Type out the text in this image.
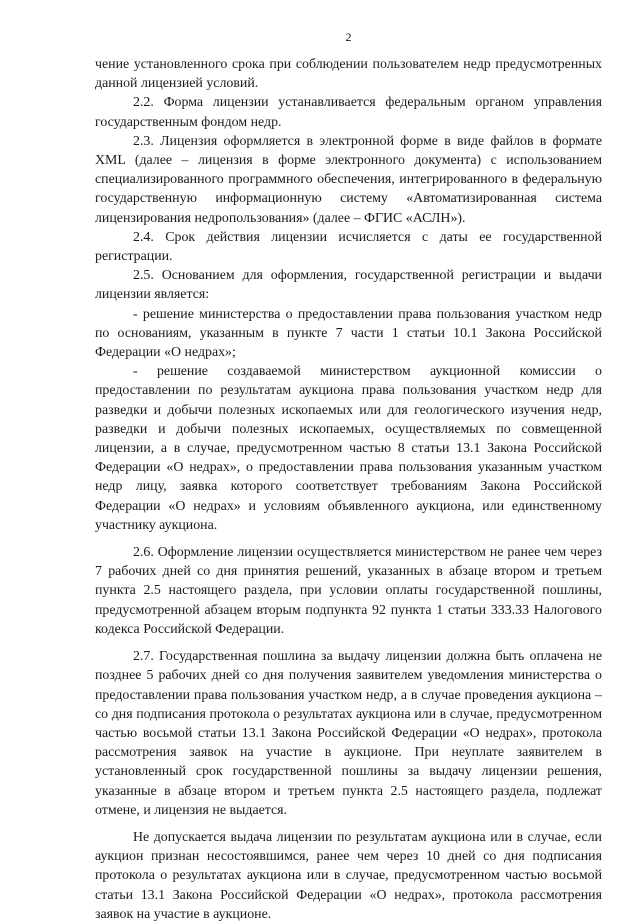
2

чение установленного срока при соблюдении пользователем недр предусмотренных данной лицензией условий.

2.2. Форма лицензии устанавливается федеральным органом управления государственным фондом недр.

2.3. Лицензия оформляется в электронной форме в виде файлов в формате XML (далее – лицензия в форме электронного документа) с использованием специализированного программного обеспечения, интегрированного в федеральную государственную информационную систему «Автоматизированная система лицензирования недропользования» (далее – ФГИС «АСЛН»).

2.4. Срок действия лицензии исчисляется с даты ее государственной регистрации.

2.5. Основанием для оформления, государственной регистрации и выдачи лицензии является:

- решение министерства о предоставлении права пользования участком недр по основаниям, указанным в пункте 7 части 1 статьи 10.1 Закона Российской Федерации «О недрах»;

- решение создаваемой министерством аукционной комиссии о предоставлении по результатам аукциона права пользования участком недр для разведки и добычи полезных ископаемых или для геологического изучения недр, разведки и добычи полезных ископаемых, осуществляемых по совмещенной лицензии, а в случае, предусмотренном частью 8 статьи 13.1 Закона Российской Федерации «О недрах», о предоставлении права пользования указанным участком недр лицу, заявка которого соответствует требованиям Закона Российской Федерации «О недрах» и условиям объявленного аукциона, или единственному участнику аукциона.

2.6. Оформление лицензии осуществляется министерством не ранее чем через 7 рабочих дней со дня принятия решений, указанных в абзаце втором и третьем пункта 2.5 настоящего раздела, при условии оплаты государственной пошлины, предусмотренной абзацем вторым подпункта 92 пункта 1 статьи 333.33 Налогового кодекса Российской Федерации.

2.7. Государственная пошлина за выдачу лицензии должна быть оплачена не позднее 5 рабочих дней со дня получения заявителем уведомления министерства о предоставлении права пользования участком недр, а в случае проведения аукциона – со дня подписания протокола о результатах аукциона или в случае, предусмотренном частью восьмой статьи 13.1 Закона Российской Федерации «О недрах», протокола рассмотрения заявок на участие в аукционе. При неуплате заявителем в установленный срок государственной пошлины за выдачу лицензии решения, указанные в абзаце втором и третьем пункта 2.5 настоящего раздела, подлежат отмене, и лицензия не выдается.

Не допускается выдача лицензии по результатам аукциона или в случае, если аукцион признан несостоявшимся, ранее чем через 10 дней со дня подписания протокола о результатах аукциона или в случае, предусмотренном частью восьмой статьи 13.1 Закона Российской Федерации «О недрах», протокола рассмотрения заявок на участие в аукционе.
